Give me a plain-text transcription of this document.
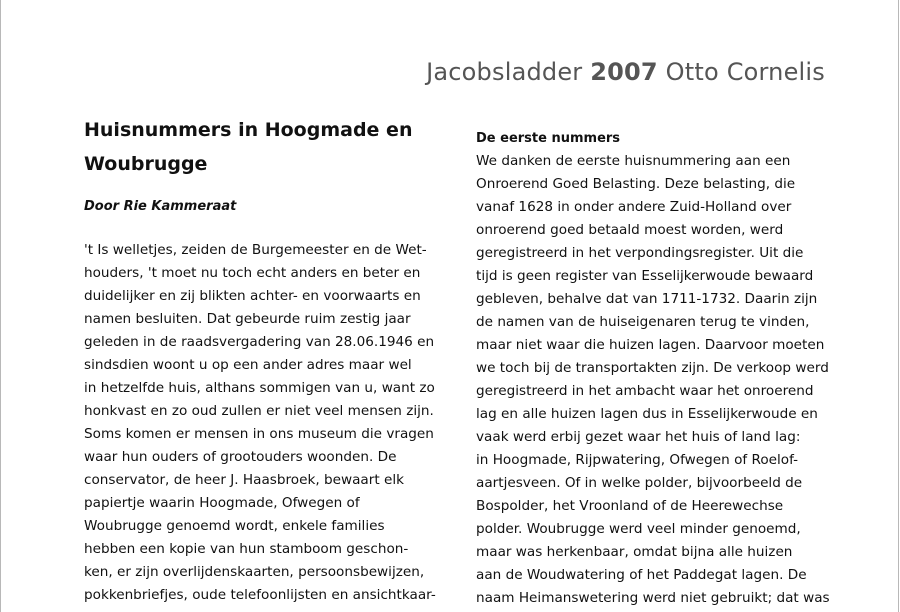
Jacobsladder 2007 Otto Cornelis
Huisnummers in Hoogmade en
Woubrugge
Door Rie Kammeraat
't Is welletjes, zeiden de Burgemeester en de Wet-
houders, 't moet nu toch echt anders en beter en
duidelijker en zij blikten achter- en voorwaarts en
namen besluiten. Dat gebeurde ruim zestig jaar
geleden in de raadsvergadering van 28.06.1946 en
sindsdien woont u op een ander adres maar wel
in hetzelfde huis, althans sommigen van u, want zo
honkvast en zo oud zullen er niet veel mensen zijn.
Soms komen er mensen in ons museum die vragen
waar hun ouders of grootouders woonden. De
conservator, de heer J. Haasbroek, bewaart elk
papiertje waarin Hoogmade, Ofwegen of
Woubrugge genoemd wordt, enkele families
hebben een kopie van hun stamboom geschon-
ken, er zijn overlijdenskaarten, persoonsbewijzen,
pokkenbriefjes, oude telefoonlijsten en ansichtkaar-
De eerste nummers
We danken de eerste huisnummering aan een
Onroerend Goed Belasting. Deze belasting, die
vanaf 1628 in onder andere Zuid-Holland over
onroerend goed betaald moest worden, werd
geregistreerd in het verpondingsregister. Uit die
tijd is geen register van Esselijkerwoude bewaard
gebleven, behalve dat van 1711-1732. Daarin zijn
de namen van de huiseigenaren terug te vinden,
maar niet waar die huizen lagen. Daarvoor moeten
we toch bij de transportakten zijn. De verkoop werd
geregistreerd in het ambacht waar het onroerend
lag en alle huizen lagen dus in Esselijkerwoude en
vaak werd erbij gezet waar het huis of land lag:
in Hoogmade, Rijpwatering, Ofwegen of Roelof-
aartjesveen. Of in welke polder, bijvoorbeeld de
Bospolder, het Vroonland of de Heerewechse
polder. Woubrugge werd veel minder genoemd,
maar was herkenbaar, omdat bijna alle huizen
aan de Woudwatering of het Paddegat lagen. De
naam Heimanswetering werd niet gebruikt; dat was
